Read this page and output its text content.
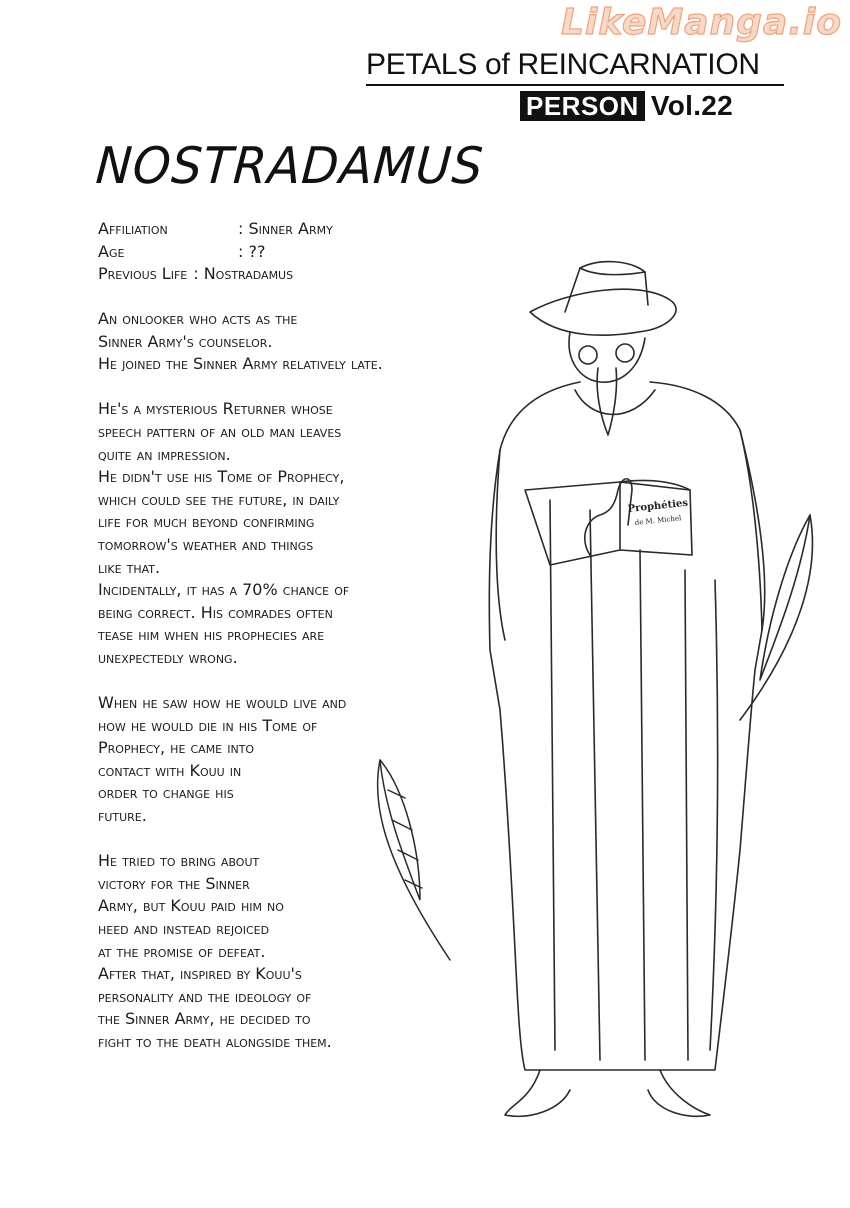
LikeManga.io
PETALS of REINCARNATION
PERSON Vol.22
NOSTRADAMUS
Affiliation	: Sinner Army
Age	: ??
Previous Life : Nostradamus

An onlooker who acts as the
Sinner Army's counselor.
He joined the Sinner Army relatively late.

He's a mysterious Returner whose
speech pattern of an old man leaves
quite an impression.
He didn't use his Tome of Prophecy,
which could see the future, in daily
life for much beyond confirming
tomorrow's weather and things
like that.
Incidentally, it has a 70% chance of
being correct. His comrades often
tease him when his prophecies are
unexpectedly wrong.

When he saw how he would live and
how he would die in his Tome of
Prophecy, he came into
contact with Kouu in
order to change his
future.

He tried to bring about
victory for the Sinner
Army, but Kouu paid him no
heed and instead rejoiced
at the promise of defeat.
After that, inspired by Kouu's
personality and the ideology of
the Sinner Army, he decided to
fight to the death alongside them.

Prophéties
de M. Michel
